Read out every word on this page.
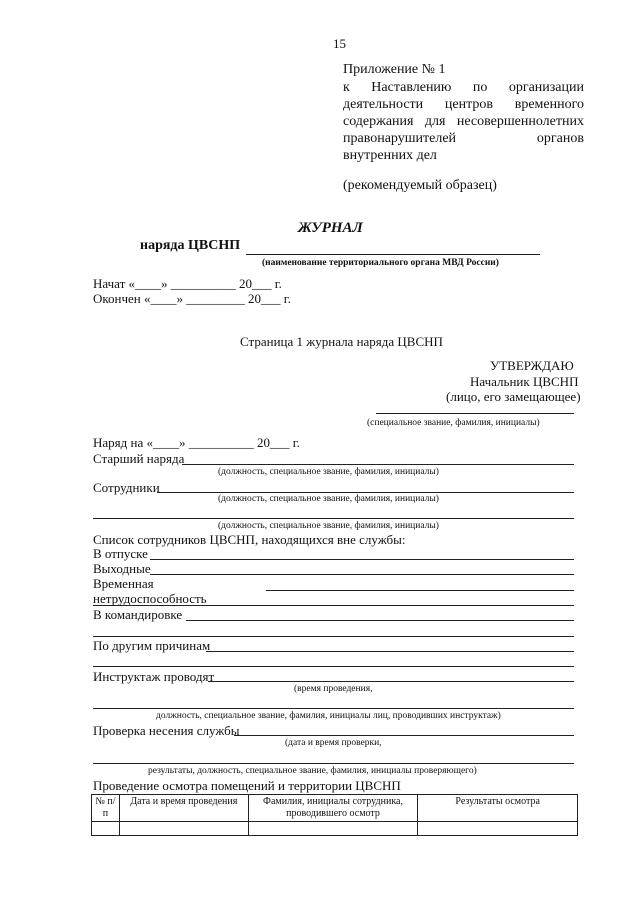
15
Приложение № 1
к Наставлению по организации
деятельности центров временного
содержания для несовершеннолетних
правонарушителей органов
внутренних дел
(рекомендуемый образец)
ЖУРНАЛ
наряда ЦВСНП
(наименование территориального органа МВД России)
Начат «____» __________ 20___ г.
Окончен «____» _________ 20___ г.
Страница 1 журнала наряда ЦВСНП
УТВЕРЖДАЮ
Начальник ЦВСНП
(лицо, его замещающее)
(специальное звание, фамилия, инициалы)
Наряд на «____» __________ 20___ г.
Старший наряда
(должность, специальное звание, фамилия, инициалы)
Сотрудники
(должность, специальное звание, фамилия, инициалы)
(должность, специальное звание, фамилия, инициалы)
Список сотрудников ЦВСНП, находящихся вне службы:
В отпуске
Выходные
Временная нетрудоспособность
В командировке
По другим причинам
Инструктаж проводят
(время проведения,
должность, специальное звание, фамилия, инициалы лиц, проводивших инструктаж)
Проверка несения службы
(дата и время проверки,
результаты, должность, специальное звание, фамилия, инициалы проверяющего)
Проведение осмотра помещений и территории ЦВСНП
№ п/п	Дата и время проведения	Фамилия, инициалы сотрудника, проводившего осмотр	Результаты осмотра
